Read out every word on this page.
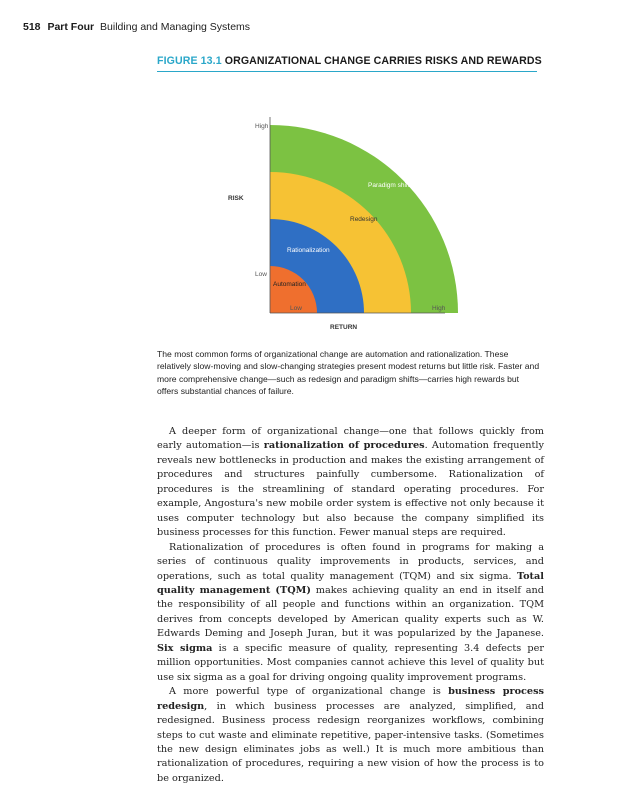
518 Part Four Building and Managing Systems
FIGURE 13.1 ORGANIZATIONAL CHANGE CARRIES RISKS AND REWARDS
Paradigm shifts
Redesign
Rationalization
Automation
RISK
High
Low
Low	High
RETURN
The most common forms of organizational change are automation and rationalization. These relatively slow-moving and slow-changing strategies present modest returns but little risk. Faster and more comprehensive change—such as redesign and paradigm shifts—carries high rewards but offers substantial chances of failure.

A deeper form of organizational change—one that follows quickly from early automation—is rationalization of procedures. Automation frequently reveals new bottlenecks in production and makes the existing arrangement of procedures and structures painfully cumbersome. Rationalization of procedures is the streamlining of standard operating procedures. For example, Angostura's new mobile order system is effective not only because it uses computer technology but also because the company simplified its business processes for this function. Fewer manual steps are required.

Rationalization of procedures is often found in programs for making a series of continuous quality improvements in products, services, and operations, such as total quality management (TQM) and six sigma. Total quality management (TQM) makes achieving quality an end in itself and the responsibility of all people and functions within an organization. TQM derives from concepts developed by American quality experts such as W. Edwards Deming and Joseph Juran, but it was popularized by the Japanese. Six sigma is a specific measure of quality, representing 3.4 defects per million opportunities. Most companies cannot achieve this level of quality but use six sigma as a goal for driving ongoing quality improvement programs.

A more powerful type of organizational change is business process redesign, in which business processes are analyzed, simplified, and redesigned. Business process redesign reorganizes workflows, combining steps to cut waste and eliminate repetitive, paper-intensive tasks. (Sometimes the new design eliminates jobs as well.) It is much more ambitious than rationalization of procedures, requiring a new vision of how the process is to be organized.
